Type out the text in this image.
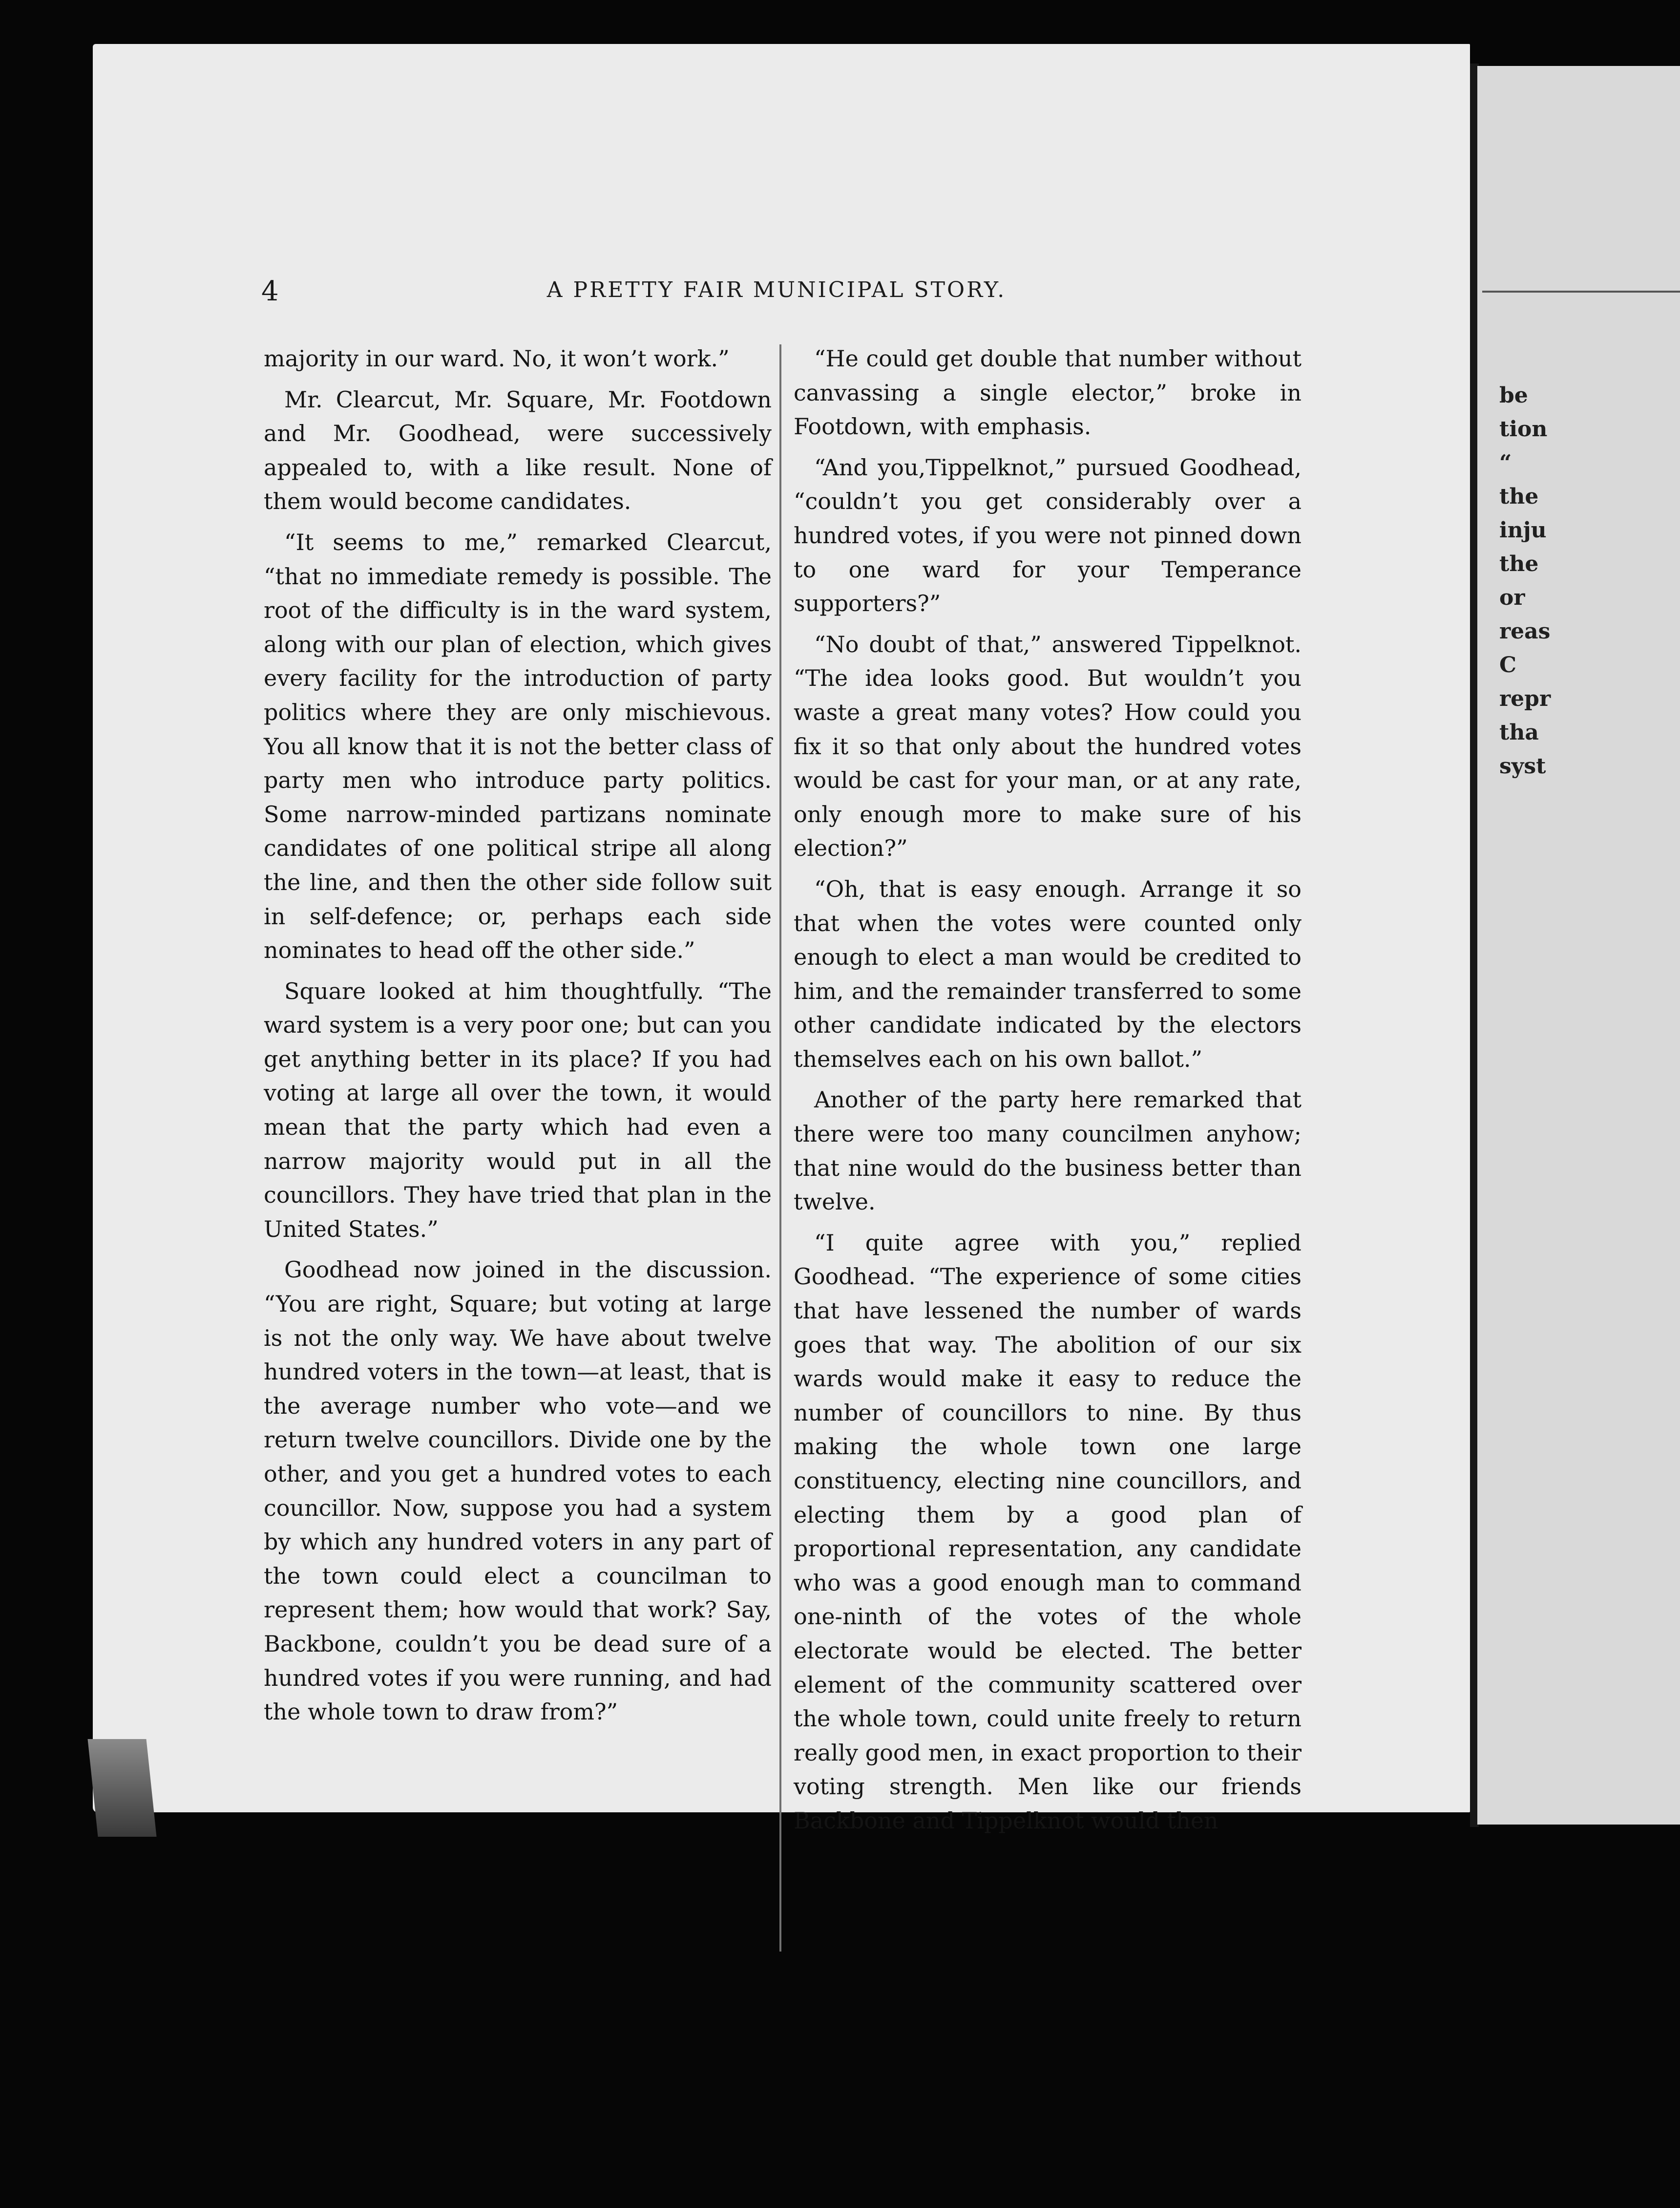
be
tion
“
the
inju
the
or
reas
C
repr
tha
syst
4	A PRETTY FAIR MUNICIPAL STORY.

majority in our ward. No, it won’t work.”

Mr. Clearcut, Mr. Square, Mr. Footdown and Mr. Goodhead, were successively appealed to, with a like result. None of them would become candidates.

“It seems to me,” remarked Clearcut, “that no immediate remedy is possible. The root of the difficulty is in the ward system, along with our plan of election, which gives every facility for the introduction of party politics where they are only mischievous. You all know that it is not the better class of party men who introduce party politics. Some narrow-minded partizans nominate candidates of one political stripe all along the line, and then the other side follow suit in self-defence; or, perhaps each side nominates to head off the other side.”

Square looked at him thoughtfully. “The ward system is a very poor one; but can you get anything better in its place? If you had voting at large all over the town, it would mean that the party which had even a narrow majority would put in all the councillors. They have tried that plan in the United States.”

Goodhead now joined in the discussion. “You are right, Square; but voting at large is not the only way. We have about twelve hundred voters in the town—at least, that is the average number who vote—and we return twelve councillors. Divide one by the other, and you get a hundred votes to each councillor. Now, suppose you had a system by which any hundred voters in any part of the town could elect a councilman to represent them; how would that work? Say, Backbone, couldn’t you be dead sure of a hundred votes if you were running, and had the whole town to draw from?”

“He could get double that number without canvassing a single elector,” broke in Footdown, with emphasis.

“And you,Tippelknot,” pursued Goodhead, “couldn’t you get considerably over a hundred votes, if you were not pinned down to one ward for your Temperance supporters?”

“No doubt of that,” answered Tippelknot. “The idea looks good. But wouldn’t you waste a great many votes? How could you fix it so that only about the hundred votes would be cast for your man, or at any rate, only enough more to make sure of his election?”

“Oh, that is easy enough. Arrange it so that when the votes were counted only enough to elect a man would be credited to him, and the remainder transferred to some other candidate indicated by the electors themselves each on his own ballot.”

Another of the party here remarked that there were too many councilmen anyhow; that nine would do the business better than twelve.

“I quite agree with you,” replied Goodhead. “The experience of some cities that have lessened the number of wards goes that way. The abolition of our six wards would make it easy to reduce the number of councillors to nine. By thus making the whole town one large constituency, electing nine councillors, and electing them by a good plan of proportional representation, any candidate who was a good enough man to command one-ninth of the votes of the whole electorate would be elected. The better element of the community scattered over the whole town, could unite freely to return really good men, in exact proportion to their voting strength. Men like our friends Backbone and Tippelknot would then
